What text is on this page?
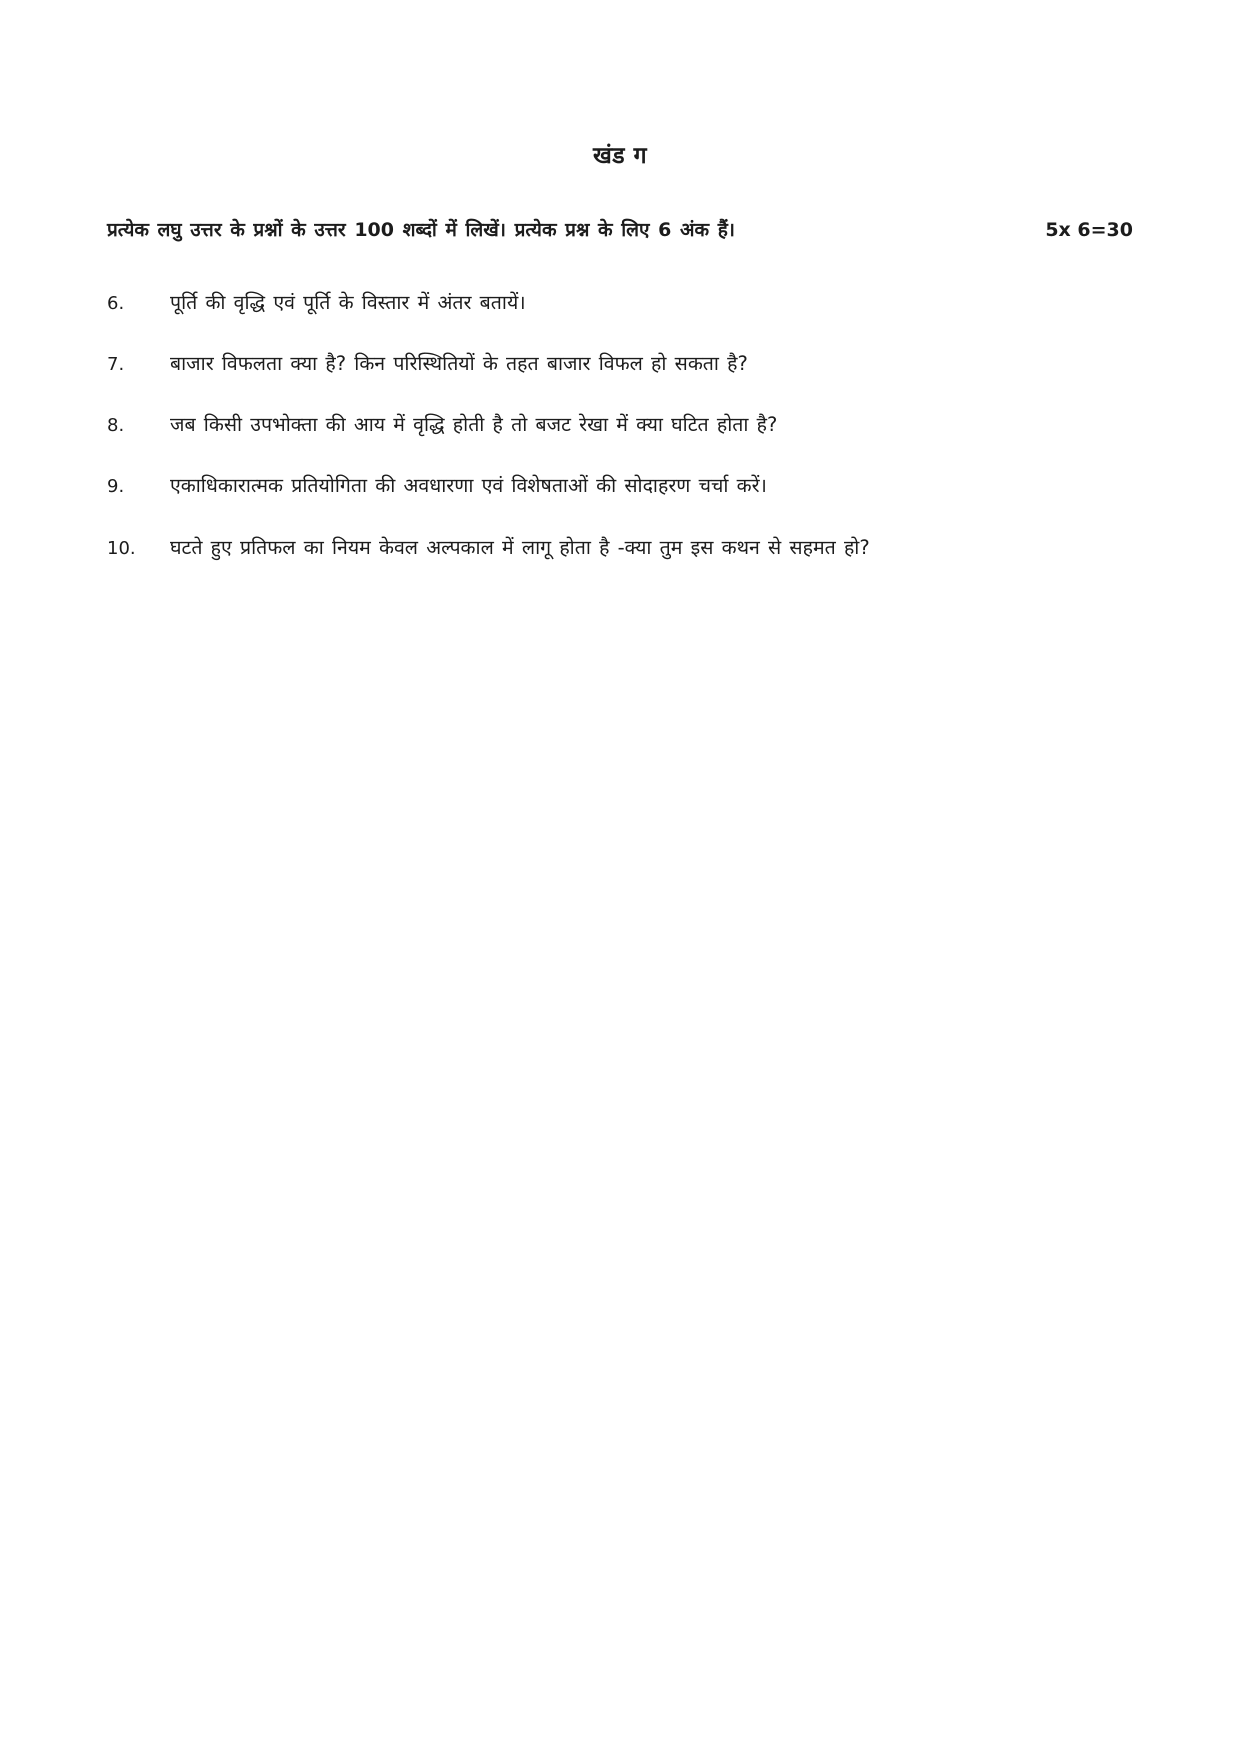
खंड ग
प्रत्येक लघु उत्तर के प्रश्नों के उत्तर 100 शब्दों में लिखें। प्रत्येक प्रश्न के लिए 6 अंक हैं।	5x 6=30
6.	पूर्ति की वृद्धि एवं पूर्ति के विस्तार में अंतर बतायें।
7.	बाजार विफलता क्या है? किन परिस्थितियों के तहत बाजार विफल हो सकता है?
8.	जब किसी उपभोक्ता की आय में वृद्धि होती है तो बजट रेखा में क्या घटित होता है?
9.	एकाधिकारात्मक प्रतियोगिता की अवधारणा एवं विशेषताओं की सोदाहरण चर्चा करें।
10.	घटते हुए प्रतिफल का नियम केवल अल्पकाल में लागू होता है -क्या तुम इस कथन से सहमत हो?
